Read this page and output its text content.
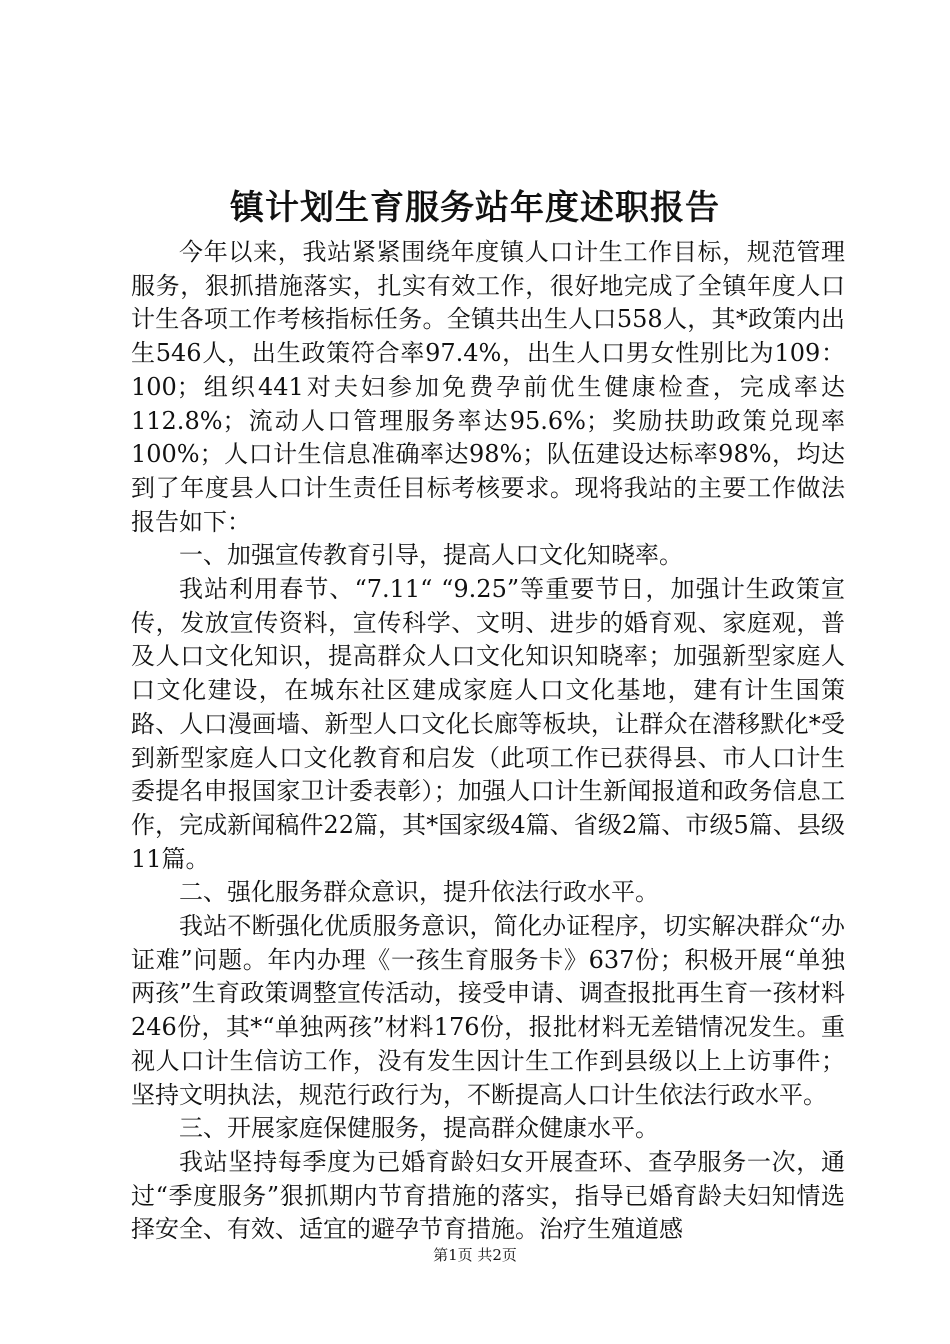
镇计划生育服务站年度述职报告

今年以来，我站紧紧围绕年度镇人口计生工作目标，规范管理服务，狠抓措施落实，扎实有效工作，很好地完成了全镇年度人口计生各项工作考核指标任务。全镇共出生人口558人，其*政策内出生546人，出生政策符合率97.4%，出生人口男女性别比为109：100；组织441对夫妇参加免费孕前优生健康检查，完成率达112.8%；流动人口管理服务率达95.6%；奖励扶助政策兑现率100%；人口计生信息准确率达98%；队伍建设达标率98%，均达到了年度县人口计生责任目标考核要求。现将我站的主要工作做法报告如下：

一、加强宣传教育引导，提高人口文化知晓率。

我站利用春节、“7.11“ “9.25”等重要节日，加强计生政策宣传，发放宣传资料，宣传科学、文明、进步的婚育观、家庭观，普及人口文化知识，提高群众人口文化知识知晓率；加强新型家庭人口文化建设，在城东社区建成家庭人口文化基地，建有计生国策路、人口漫画墙、新型人口文化长廊等板块，让群众在潜移默化*受到新型家庭人口文化教育和启发（此项工作已获得县、市人口计生委提名申报国家卫计委表彰）；加强人口计生新闻报道和政务信息工作，完成新闻稿件22篇，其*国家级4篇、省级2篇、市级5篇、县级11篇。

二、强化服务群众意识，提升依法行政水平。

我站不断强化优质服务意识，简化办证程序，切实解决群众“办证难”问题。年内办理《一孩生育服务卡》637份；积极开展“单独两孩”生育政策调整宣传活动，接受申请、调查报批再生育一孩材料246份，其*“单独两孩”材料176份，报批材料无差错情况发生。重视人口计生信访工作，没有发生因计生工作到县级以上上访事件；坚持文明执法，规范行政行为，不断提高人口计生依法行政水平。

三、开展家庭保健服务，提高群众健康水平。

我站坚持每季度为已婚育龄妇女开展查环、查孕服务一次，通过“季度服务”狠抓期内节育措施的落实，指导已婚育龄夫妇知情选择安全、有效、适宜的避孕节育措施。治疗生殖道感

第1页 共2页
